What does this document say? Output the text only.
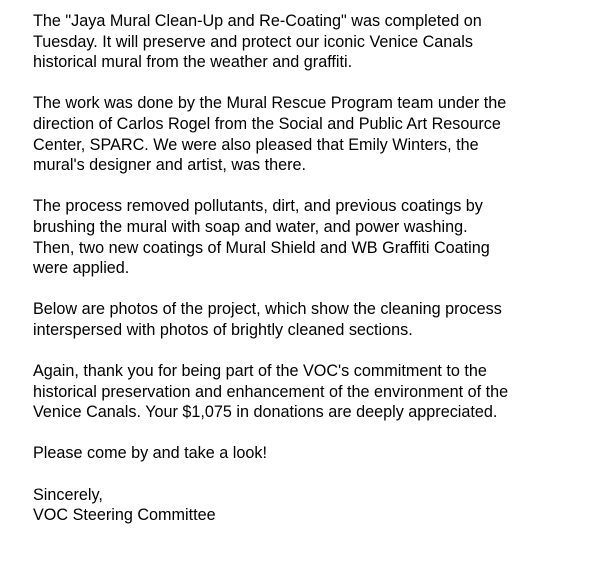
The "Jaya Mural Clean-Up and Re-Coating" was completed on
Tuesday. It will preserve and protect our iconic Venice Canals
historical mural from the weather and graffiti.

The work was done by the Mural Rescue Program team under the
direction of Carlos Rogel from the Social and Public Art Resource
Center, SPARC. We were also pleased that Emily Winters, the
mural's designer and artist, was there.

The process removed pollutants, dirt, and previous coatings by
brushing the mural with soap and water, and power washing.
Then, two new coatings of Mural Shield and WB Graffiti Coating
were applied.

Below are photos of the project, which show the cleaning process
interspersed with photos of brightly cleaned sections.

Again, thank you for being part of the VOC's commitment to the
historical preservation and enhancement of the environment of the
Venice Canals. Your $1,075 in donations are deeply appreciated.

Please come by and take a look!

Sincerely,
VOC Steering Committee
